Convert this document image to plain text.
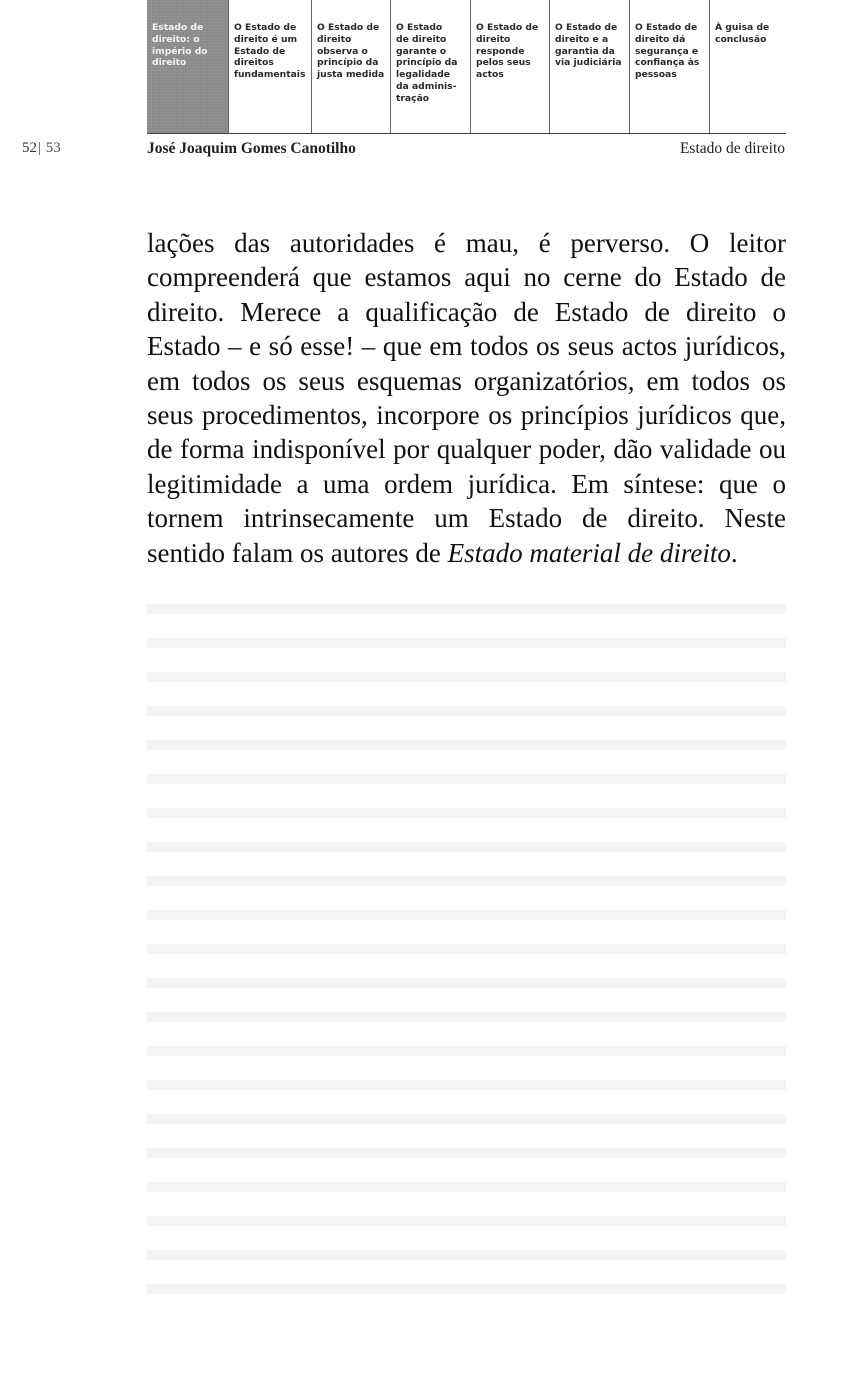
Estado de
direito: o
império do
direito
O Estado de
direito é um
Estado de
direitos
fundamentais
O Estado de
direito
observa o
princípio da
justa medida
O Estado
de direito
garante o
princípio da
legalidade
da adminis-
tração
O Estado de
direito
responde
pelos seus
actos
O Estado de
direito e a
garantia da
via judiciária
O Estado de
direito dá
segurança e
confiança às
pessoas
À guisa de
conclusão
52| 53	José Joaquim Gomes Canotilho	Estado de direito

lações das autoridades é mau, é perverso. O leitor compreenderá que estamos aqui no cerne do Estado de direito. Merece a qualificação de Estado de direito o Estado – e só esse! – que em todos os seus actos jurídicos, em todos os seus esquemas organizatórios, em todos os seus procedimentos, incorpore os princípios jurídicos que, de forma indisponível por qualquer poder, dão validade ou legitimidade a uma ordem jurídica. Em síntese: que o tornem intrinsecamente um Estado de direito. Neste sentido falam os autores de Estado material de direito.
